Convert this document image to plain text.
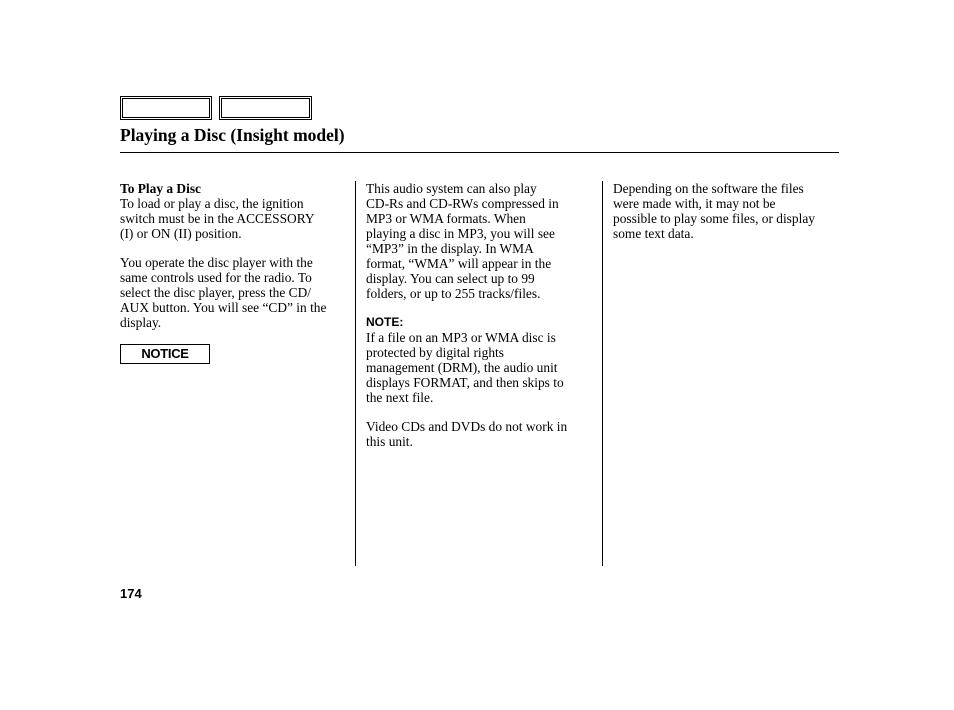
Playing a Disc (Insight model)

To Play a Disc

To load or play a disc, the ignition

switch must be in the ACCESSORY

(I) or ON (II) position.

You operate the disc player with the

same controls used for the radio. To

select the disc player, press the CD/

AUX button. You will see “CD” in the

display.

NOTICE

This audio system can also play

CD-Rs and CD-RWs compressed in

MP3 or WMA formats. When

playing a disc in MP3, you will see

“MP3” in the display. In WMA

format, “WMA” will appear in the

display. You can select up to 99

folders, or up to 255 tracks/files.

NOTE:

If a file on an MP3 or WMA disc is

protected by digital rights

management (DRM), the audio unit

displays FORMAT, and then skips to

the next file.

Video CDs and DVDs do not work in

this unit.

Depending on the software the files

were made with, it may not be

possible to play some files, or display

some text data.

174
